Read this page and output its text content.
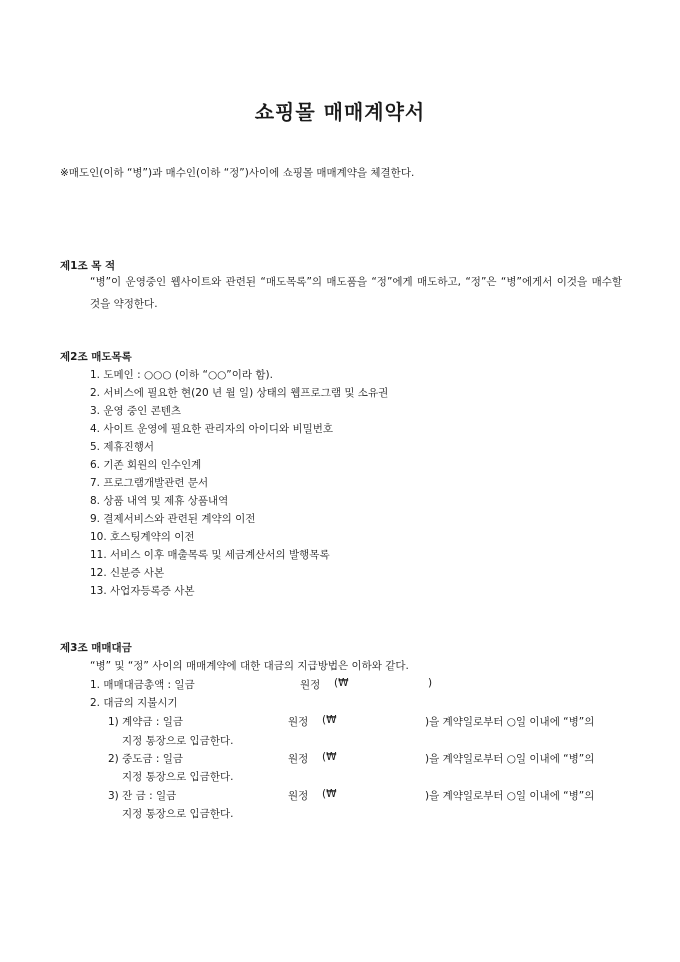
쇼핑몰 매매계약서
※매도인(이하 “병”)과 매수인(이하 “정”)사이에 쇼핑몰 매매계약을 체결한다.
제1조 목 적
“병”이 운영중인 웹사이트와 관련된 “매도목록”의 매도품을 “정”에게 매도하고, “정”은 “병”에게서 이것을 매수할 것을 약정한다.
제2조 매도목록
1. 도메인 : ○○○ (이하 “○○”이라 함).
2. 서비스에 필요한 현(20 년 월 일) 상태의 웹프로그램 및 소유권
3. 운영 중인 콘텐츠
4. 사이트 운영에 필요한 관리자의 아이디와 비밀번호
5. 제휴진행서
6. 기존 회원의 인수인계
7. 프로그램개발관련 문서
8. 상품 내역 및 제휴 상품내역
9. 결제서비스와 관련된 계약의 이전
10. 호스팅계약의 이전
11. 서비스 이후 매출목록 및 세금계산서의 발행목록
12. 신분증 사본
13. 사업자등록증 사본
제3조 매매대금
“병” 및 “정” 사이의 매매계약에 대한 대금의 지급방법은 이하와 같다.
1. 매매대금총액 : 일금	원정 (₩	)
2. 대금의 지불시기
1) 계약금 : 일금	원정 (₩	)을 계약일로부터 ○일 이내에 “병”의
지정 통장으로 입금한다.
2) 중도금 : 일금	원정 (₩	)을 계약일로부터 ○일 이내에 “병”의
지정 통장으로 입금한다.
3) 잔 금 : 일금	원정 (₩	)을 계약일로부터 ○일 이내에 “병”의
지정 통장으로 입금한다.
